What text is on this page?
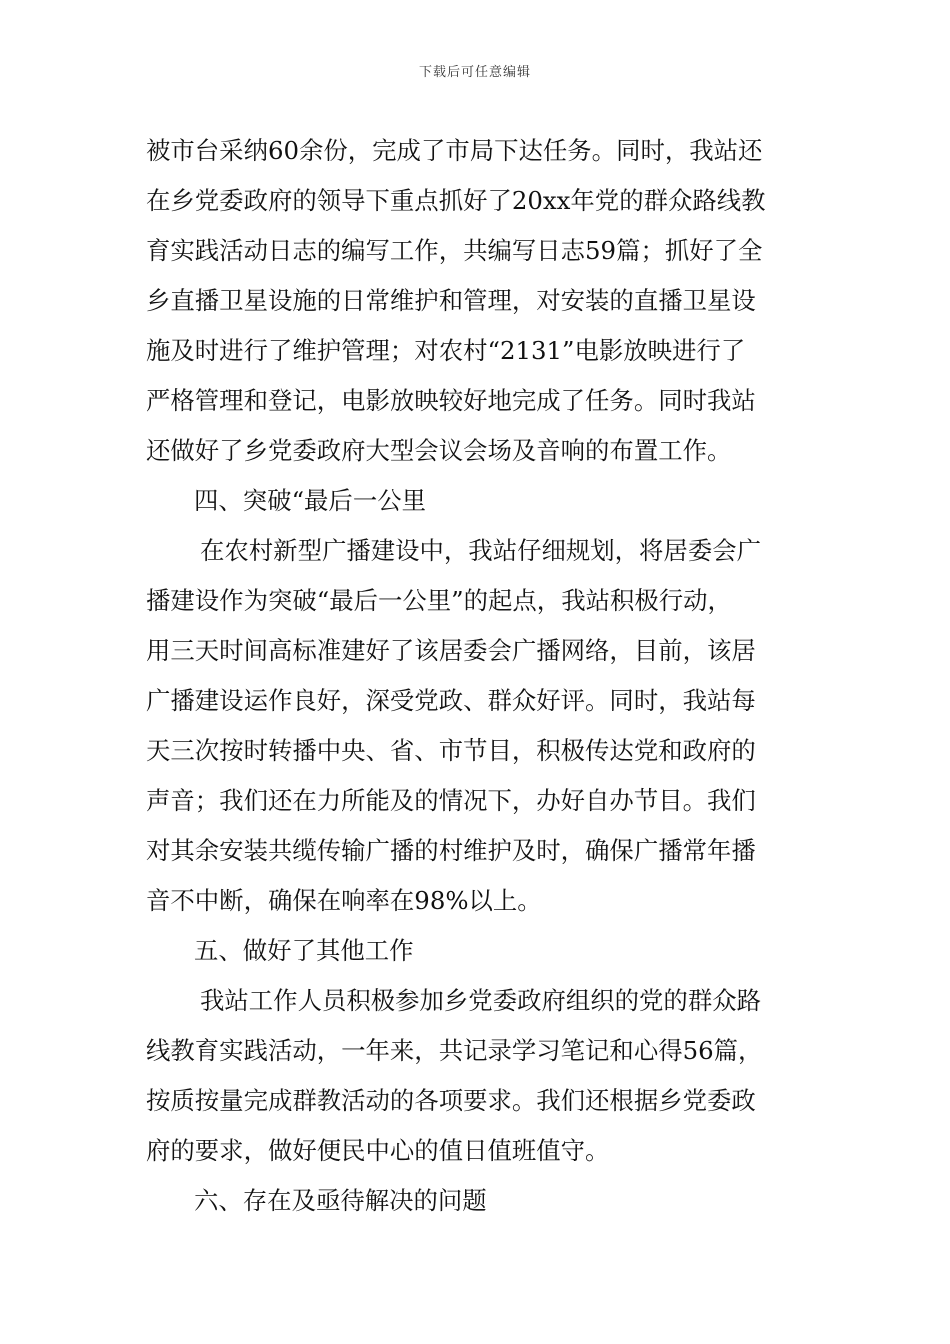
下载后可任意编辑
被市台采纳60余份，完成了市局下达任务。同时，我站还
在乡党委政府的领导下重点抓好了20xx年党的群众路线教
育实践活动日志的编写工作，共编写日志59篇；抓好了全
乡直播卫星设施的日常维护和管理，对安装的直播卫星设
施及时进行了维护管理；对农村“2131”电影放映进行了
严格管理和登记，电影放映较好地完成了任务。同时我站
还做好了乡党委政府大型会议会场及音响的布置工作。
四、突破“最后一公里
在农村新型广播建设中，我站仔细规划，将居委会广
播建设作为突破“最后一公里”的起点，我站积极行动，
用三天时间高标准建好了该居委会广播网络，目前，该居
广播建设运作良好，深受党政、群众好评。同时，我站每
天三次按时转播中央、省、市节目，积极传达党和政府的
声音；我们还在力所能及的情况下，办好自办节目。我们
对其余安装共缆传输广播的村维护及时，确保广播常年播
音不中断，确保在响率在98%以上。
五、做好了其他工作
我站工作人员积极参加乡党委政府组织的党的群众路
线教育实践活动，一年来，共记录学习笔记和心得56篇，
按质按量完成群教活动的各项要求。我们还根据乡党委政
府的要求，做好便民中心的值日值班值守。
六、存在及亟待解决的问题
